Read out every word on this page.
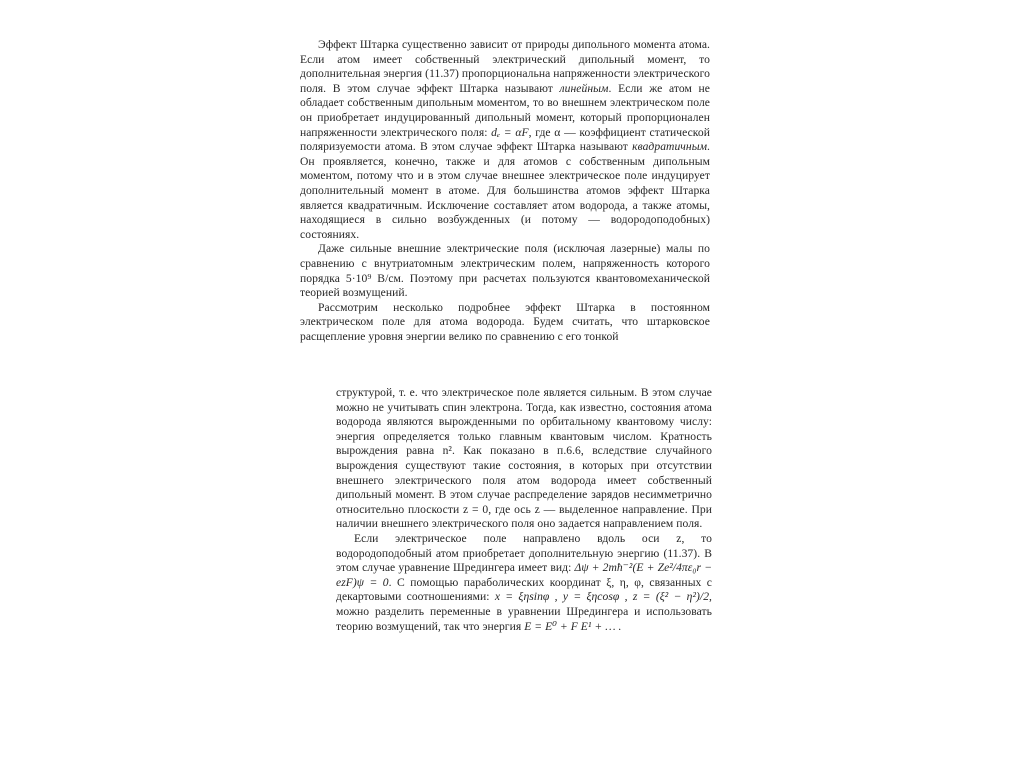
Эффект Штарка существенно зависит от природы дипольного момента атома. Если атом имеет собственный электрический дипольный момент, то дополнительная энергия (11.37) пропорциональна напряженности электрического поля. В этом случае эффект Штарка называют линейным. Если же атом не обладает собственным дипольным моментом, то во внешнем электрическом поле он приобретает индуцированный дипольный момент, который пропорционален напряженности электрического поля: dₑ = αF, где α — коэффициент статической поляризуемости атома. В этом случае эффект Штарка называют квадратичным. Он проявляется, конечно, также и для атомов с собственным дипольным моментом, потому что и в этом случае внешнее электрическое поле индуцирует дополнительный момент в атоме. Для большинства атомов эффект Штарка является квадратичным. Исключение составляет атом водорода, а также атомы, находящиеся в сильно возбужденных (и потому — водородоподобных) состояниях.

Даже сильные внешние электрические поля (исключая лазерные) малы по сравнению с внутриатомным электрическим полем, напряженность которого порядка 5·10⁹ В/см. Поэтому при расчетах пользуются квантовомеханической теорией возмущений.

Рассмотрим несколько подробнее эффект Штарка в постоянном электрическом поле для атома водорода. Будем считать, что штарковское расщепление уровня энергии велико по сравнению с его тонкой

структурой, т. е. что электрическое поле является сильным. В этом случае можно не учитывать спин электрона. Тогда, как известно, состояния атома водорода являются вырожденными по орбитальному квантовому числу: энергия определяется только главным квантовым числом. Кратность вырождения равна n². Как показано в п.6.6, вследствие случайного вырождения существуют такие состояния, в которых при отсутствии внешнего электрического поля атом водорода имеет собственный дипольный момент. В этом случае распределение зарядов несимметрично относительно плоскости z = 0, где ось z — выделенное направление. При наличии внешнего электрического поля оно задается направлением поля.

Если электрическое поле направлено вдоль оси z, то водородоподобный атом приобретает дополнительную энергию (11.37). В этом случае уравнение Шредингера имеет вид: Δψ + 2mħ⁻²(E + Ze²/4πε₀r − ezF)ψ = 0. С помощью параболических координат ξ, η, φ, связанных с декартовыми соотношениями: x = ξηsinφ , y = ξηcosφ , z = (ξ² − η²)/2, можно разделить переменные в уравнении Шредингера и использовать теорию возмущений, так что энергия E = E⁰ + F E¹ + … .
